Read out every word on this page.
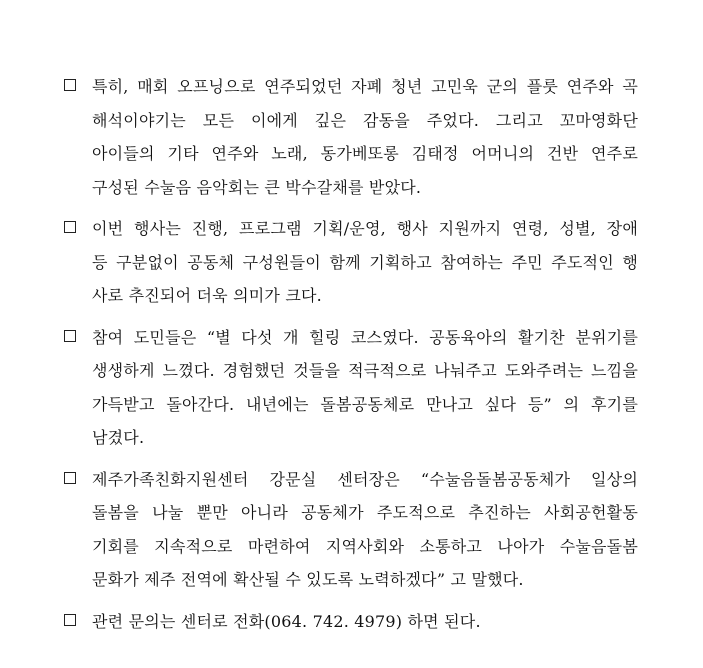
특히, 매회 오프닝으로 연주되었던 자폐 청년 고민욱 군의 플룻 연주와 곡
해석이야기는 모든 이에게 깊은 감동을 주었다. 그리고 꼬마영화단
아이들의 기타 연주와 노래, 동가베또롱 김태정 어머니의 건반 연주로
구성된 수눌음 음악회는 큰 박수갈채를 받았다.
이번 행사는 진행, 프로그램 기획/운영, 행사 지원까지 연령, 성별, 장애
등 구분없이 공동체 구성원들이 함께 기획하고 참여하는 주민 주도적인 행
사로 추진되어 더욱 의미가 크다.
참여 도민들은 “별 다섯 개 힐링 코스였다. 공동육아의 활기찬 분위기를
생생하게 느꼈다. 경험했던 것들을 적극적으로 나눠주고 도와주려는 느낌을
가득받고 돌아간다. 내년에는 돌봄공동체로 만나고 싶다 등” 의 후기를
남겼다.
제주가족친화지원센터 강문실 센터장은 “수눌음돌봄공동체가 일상의
돌봄을 나눌 뿐만 아니라 공동체가 주도적으로 추진하는 사회공헌활동
기회를 지속적으로 마련하여 지역사회와 소통하고 나아가 수눌음돌봄
문화가 제주 전역에 확산될 수 있도록 노력하겠다” 고 말했다.
관련 문의는 센터로 전화(064. 742. 4979) 하면 된다.
